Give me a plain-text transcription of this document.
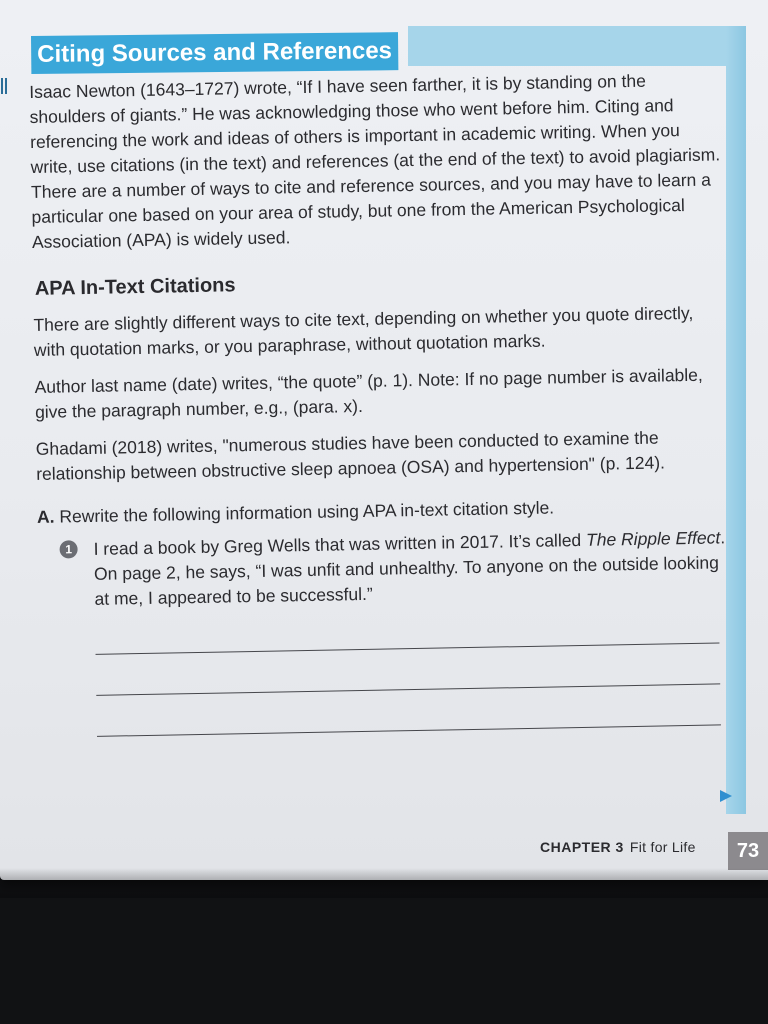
Citing Sources and References

Isaac Newton (1643–1727) wrote, “If I have seen farther, it is by standing on the shoulders of giants.” He was acknowledging those who went before him. Citing and referencing the work and ideas of others is important in academic writing. When you write, use citations (in the text) and references (at the end of the text) to avoid plagiarism. There are a number of ways to cite and reference sources, and you may have to learn a particular one based on your area of study, but one from the American Psychological Association (APA) is widely used.

APA In-Text Citations

There are slightly different ways to cite text, depending on whether you quote directly, with quotation marks, or you paraphrase, without quotation marks.

Author last name (date) writes, “the quote” (p. 1). Note: If no page number is available, give the paragraph number, e.g., (para. x).

Ghadami (2018) writes, "numerous studies have been conducted to examine the relationship between obstructive sleep apnoea (OSA) and hypertension" (p. 124).

A. Rewrite the following information using APA in-text citation style.

1	I read a book by Greg Wells that was written in 2017. It’s called The Ripple Effect. On page 2, he says, “I was unfit and unhealthy. To anyone on the outside looking at me, I appeared to be successful.”

CHAPTER 3 Fit for Life	73
